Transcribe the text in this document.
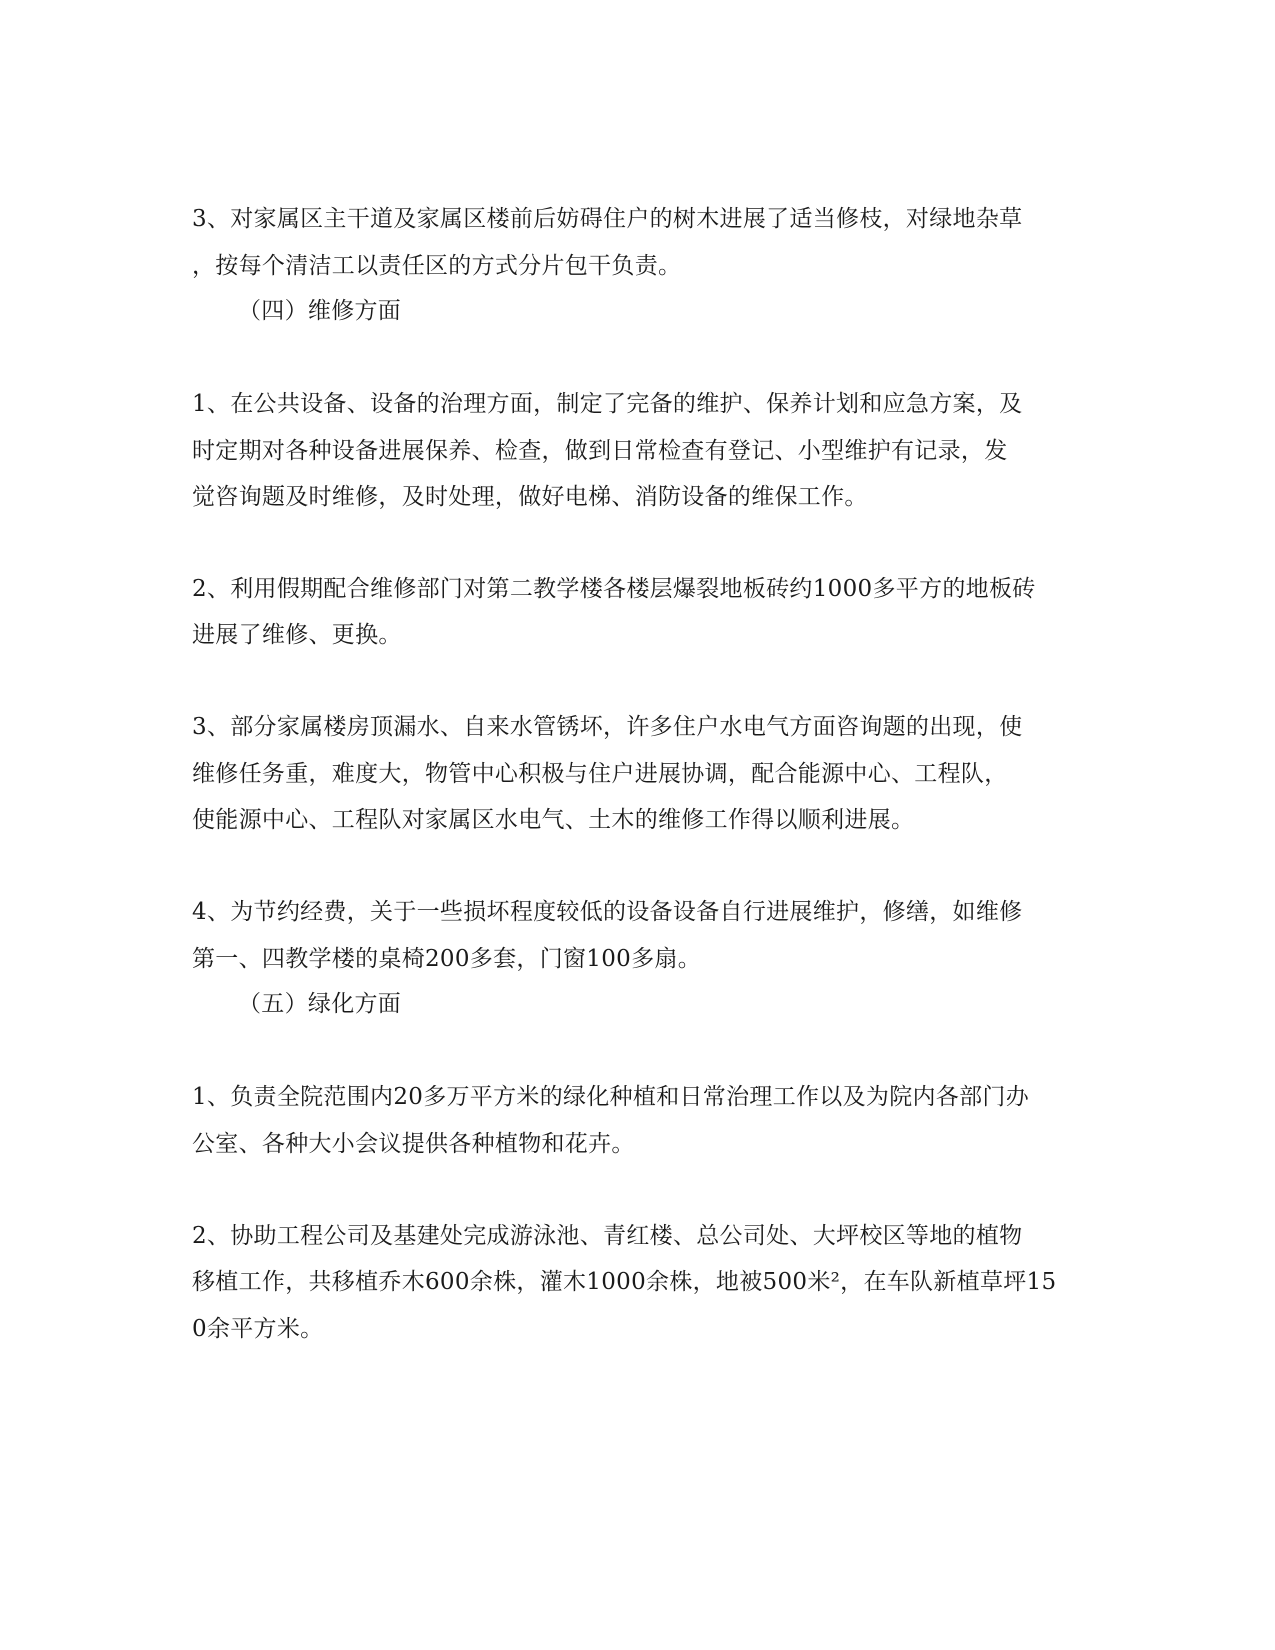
3、对家属区主干道及家属区楼前后妨碍住户的树木进展了适当修枝，对绿地杂草
，按每个清洁工以责任区的方式分片包干负责。
（四）维修方面
1、在公共设备、设备的治理方面，制定了完备的维护、保养计划和应急方案，及
时定期对各种设备进展保养、检查，做到日常检查有登记、小型维护有记录，发
觉咨询题及时维修，及时处理，做好电梯、消防设备的维保工作。
2、利用假期配合维修部门对第二教学楼各楼层爆裂地板砖约1000多平方的地板砖
进展了维修、更换。
3、部分家属楼房顶漏水、自来水管锈坏，许多住户水电气方面咨询题的出现，使
维修任务重，难度大，物管中心积极与住户进展协调，配合能源中心、工程队，
使能源中心、工程队对家属区水电气、土木的维修工作得以顺利进展。
4、为节约经费，关于一些损坏程度较低的设备设备自行进展维护，修缮，如维修
第一、四教学楼的桌椅200多套，门窗100多扇。
（五）绿化方面
1、负责全院范围内20多万平方米的绿化种植和日常治理工作以及为院内各部门办
公室、各种大小会议提供各种植物和花卉。
2、协助工程公司及基建处完成游泳池、青红楼、总公司处、大坪校区等地的植物
移植工作，共移植乔木600余株，灌木1000余株，地被500米²，在车队新植草坪15
0余平方米。
